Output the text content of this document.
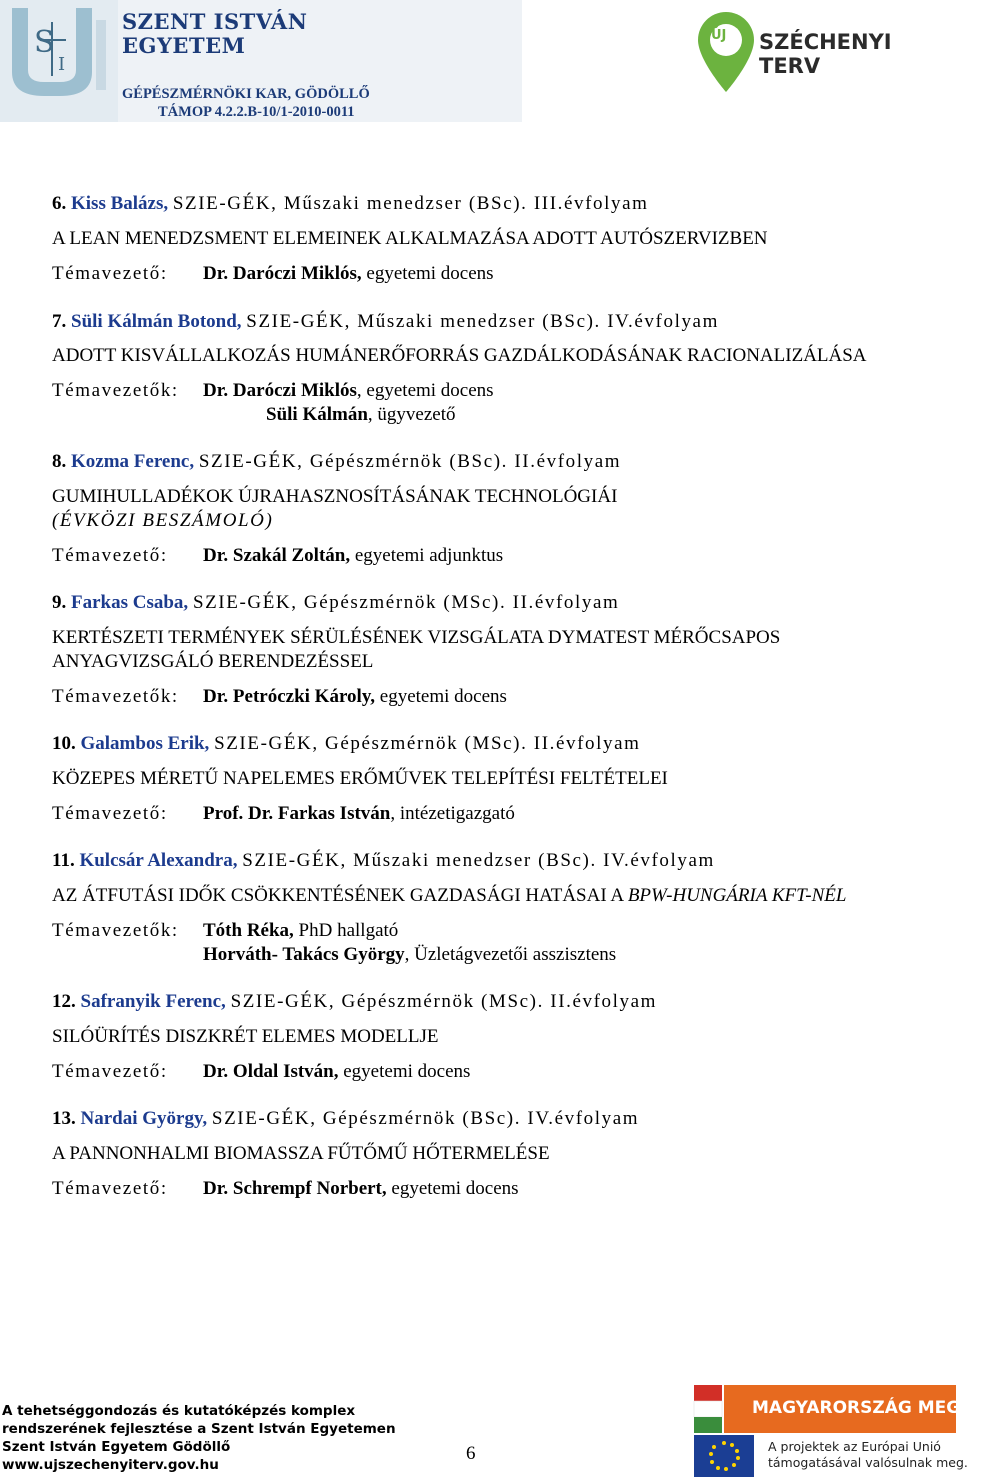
S
I
SZENT ISTVÁN
EGYETEM
GÉPÉSZMÉRNÖKI KAR, GÖDÖLLŐ
TÁMOP 4.2.2.B-10/1-2010-0011
ÚJ SZÉCHENYI TERV
6. Kiss Balázs, SZIE-GÉK, Műszaki menedzser (BSc). III.évfolyam
A LEAN MENEDZSMENT ELEMEINEK ALKALMAZÁSA ADOTT AUTÓSZERVIZBEN
Témavezető: Dr. Daróczi Miklós, egyetemi docens
7. Süli Kálmán Botond, SZIE-GÉK, Műszaki menedzser (BSc). IV.évfolyam
ADOTT KISVÁLLALKOZÁS HUMÁNERŐFORRÁS GAZDÁLKODÁSÁNAK RACIONALIZÁLÁSA
Témavezetők: Dr. Daróczi Miklós, egyetemi docens
Süli Kálmán, ügyvezető
8. Kozma Ferenc, SZIE-GÉK, Gépészmérnök (BSc). II.évfolyam
GUMIHULLADÉKOK ÚJRAHASZNOSÍTÁSÁNAK TECHNOLÓGIÁI
(ÉVKÖZI BESZÁMOLÓ)
Témavezető: Dr. Szakál Zoltán, egyetemi adjunktus
9. Farkas Csaba, SZIE-GÉK, Gépészmérnök (MSc). II.évfolyam
KERTÉSZETI TERMÉNYEK SÉRÜLÉSÉNEK VIZSGÁLATA DYMATEST MÉRŐCSAPOS
ANYAGVIZSGÁLÓ BERENDEZÉSSEL
Témavezetők: Dr. Petróczki Károly, egyetemi docens
10. Galambos Erik, SZIE-GÉK, Gépészmérnök (MSc). II.évfolyam
KÖZEPES MÉRETŰ NAPELEMES ERŐMŰVEK TELEPÍTÉSI FELTÉTELEI
Témavezető: Prof. Dr. Farkas István, intézetigazgató
11. Kulcsár Alexandra, SZIE-GÉK, Műszaki menedzser (BSc). IV.évfolyam
AZ ÁTFUTÁSI IDŐK CSÖKKENTÉSÉNEK GAZDASÁGI HATÁSAI A BPW-HUNGÁRIA KFT-NÉL
Témavezetők: Tóth Réka, PhD hallgató
Horváth- Takács György, Üzletágvezetői asszisztens
12. Safranyik Ferenc, SZIE-GÉK, Gépészmérnök (MSc). II.évfolyam
SILÓÜRÍTÉS DISZKRÉT ELEMES MODELLJE
Témavezető: Dr. Oldal István, egyetemi docens
13. Nardai György, SZIE-GÉK, Gépészmérnök (BSc). IV.évfolyam
A PANNONHALMI BIOMASSZA FŰTŐMŰ HŐTERMELÉSE
Témavezető: Dr. Schrempf Norbert, egyetemi docens
A tehetséggondozás és kutatóképzés komplex
rendszerének fejlesztése a Szent István Egyetemen
Szent István Egyetem Gödöllő
www.ujszechenyiterv.gov.hu
6
MAGYARORSZÁG MEGÚJUL
A projektek az Európai Unió
támogatásával valósulnak meg.
